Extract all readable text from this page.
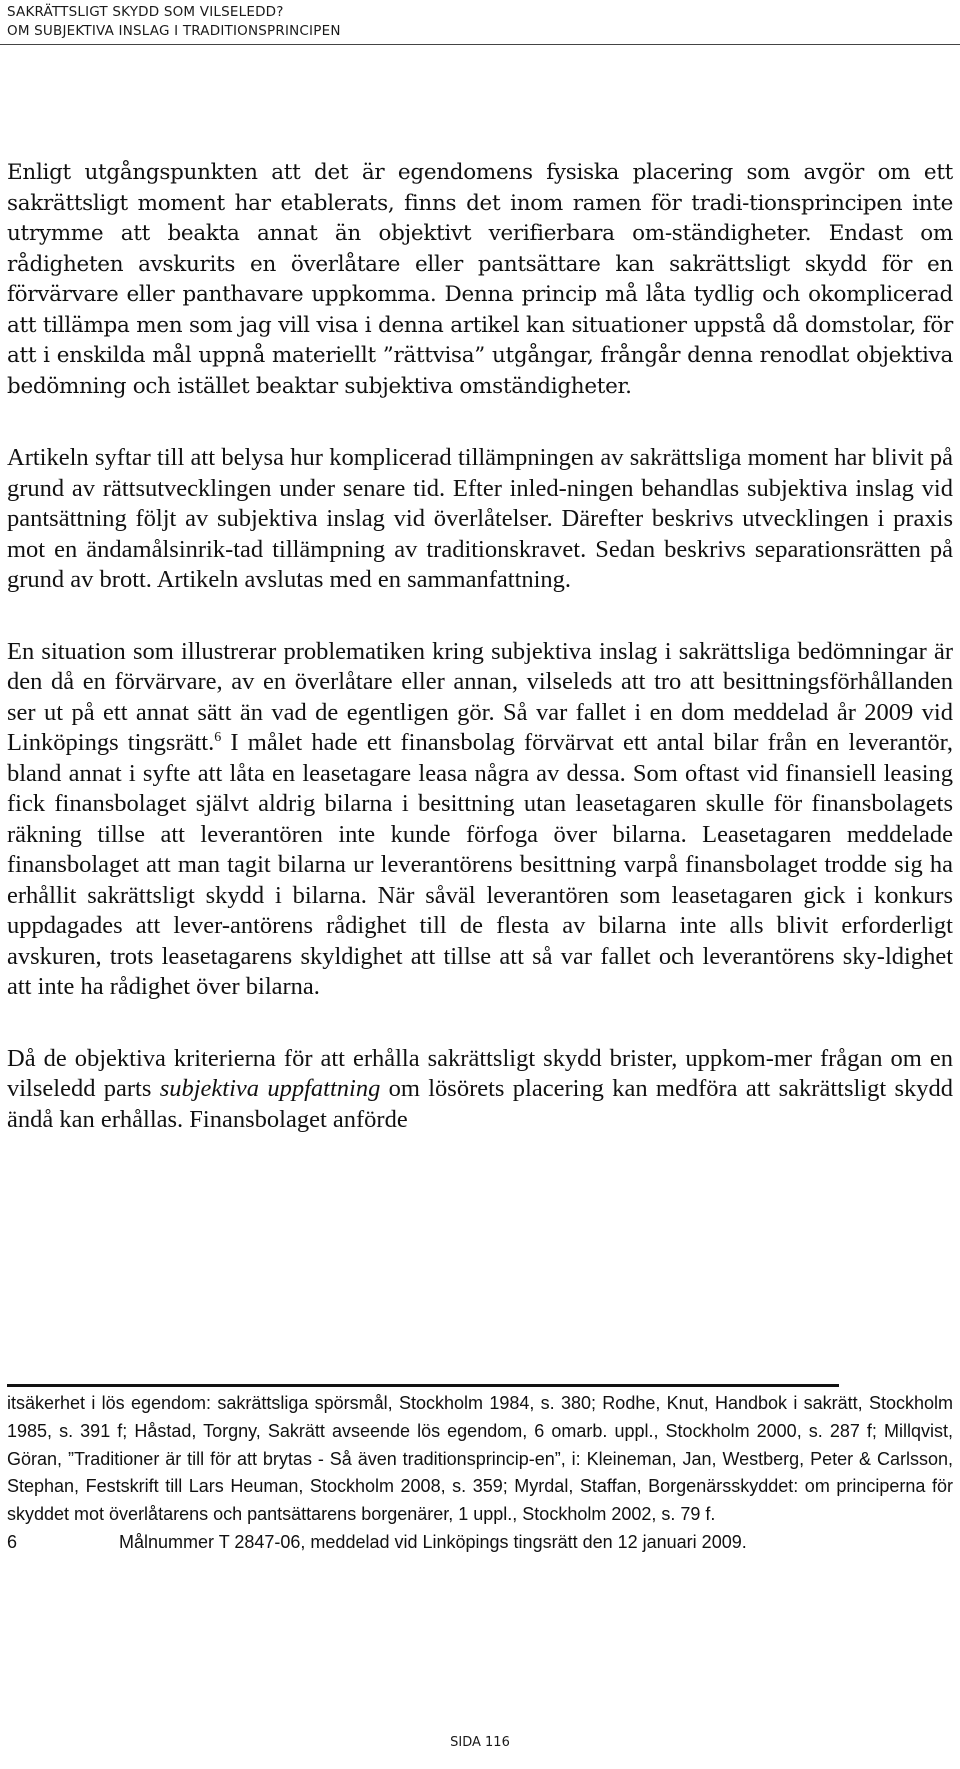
SAKRÄTTSLIGT SKYDD SOM VILSELEDD?
OM SUBJEKTIVA INSLAG I TRADITIONSPRINCIPEN

Enligt utgångspunkten att det är egendomens fysiska placering som avgör om ett sakrättsligt moment har etablerats, finns det inom ramen för tradi-tionsprincipen inte utrymme att beakta annat än objektivt verifierbara om-ständigheter. Endast om rådigheten avskurits en överlåtare eller pantsättare kan sakrättsligt skydd för en förvärvare eller panthavare uppkomma. Denna princip må låta tydlig och okomplicerad att tillämpa men som jag vill visa i denna artikel kan situationer uppstå då domstolar, för att i enskilda mål uppnå materiellt ”rättvisa” utgångar, frångår denna renodlat objektiva bedömning och istället beaktar subjektiva omständigheter.

Artikeln syftar till att belysa hur komplicerad tillämpningen av sakrättsliga moment har blivit på grund av rättsutvecklingen under senare tid. Efter inled-ningen behandlas subjektiva inslag vid pantsättning följt av subjektiva inslag vid överlåtelser. Därefter beskrivs utvecklingen i praxis mot en ändamålsinrik-tad tillämpning av traditionskravet. Sedan beskrivs separationsrätten på grund av brott. Artikeln avslutas med en sammanfattning.

En situation som illustrerar problematiken kring subjektiva inslag i sakrättsliga bedömningar är den då en förvärvare, av en överlåtare eller annan, vilseleds att tro att besittningsförhållanden ser ut på ett annat sätt än vad de egentligen gör. Så var fallet i en dom meddelad år 2009 vid Linköpings tingsrätt.$^6$ I målet hade ett finansbolag förvärvat ett antal bilar från en leverantör, bland annat i syfte att låta en leasetagare leasa några av dessa. Som oftast vid finansiell leasing fick finansbolaget självt aldrig bilarna i besittning utan leasetagaren skulle för finansbolagets räkning tillse att leverantören inte kunde förfoga över bilarna. Leasetagaren meddelade finansbolaget att man tagit bilarna ur leverantörens besittning varpå finansbolaget trodde sig ha erhållit sakrättsligt skydd i bilarna. När såväl leverantören som leasetagaren gick i konkurs uppdagades att lever-antörens rådighet till de flesta av bilarna inte alls blivit erforderligt avskuren, trots leasetagarens skyldighet att tillse att så var fallet och leverantörens sky-ldighet att inte ha rådighet över bilarna.

Då de objektiva kriterierna för att erhålla sakrättsligt skydd brister, uppkom-mer frågan om en vilseledd parts subjektiva uppfattning om lösörets placering kan medföra att sakrättsligt skydd ändå kan erhållas. Finansbolaget anförde

itsäkerhet i lös egendom: sakrättsliga spörsmål, Stockholm 1984, s. 380; Rodhe, Knut, Handbok i sakrätt, Stockholm 1985, s. 391 f; Håstad, Torgny, Sakrätt avseende lös egendom, 6 omarb. uppl., Stockholm 2000, s. 287 f; Millqvist, Göran, ”Traditioner är till för att brytas - Så även traditionsprincip-en”, i: Kleineman, Jan, Westberg, Peter & Carlsson, Stephan, Festskrift till Lars Heuman, Stockholm 2008, s. 359; Myrdal, Staffan, Borgenärsskyddet: om principerna för skyddet mot överlåtarens och pantsättarens borgenärer, 1 uppl., Stockholm 2002, s. 79 f.

6	Målnummer T 2847-06, meddelad vid Linköpings tingsrätt den 12 januari 2009.
SIDA 116
